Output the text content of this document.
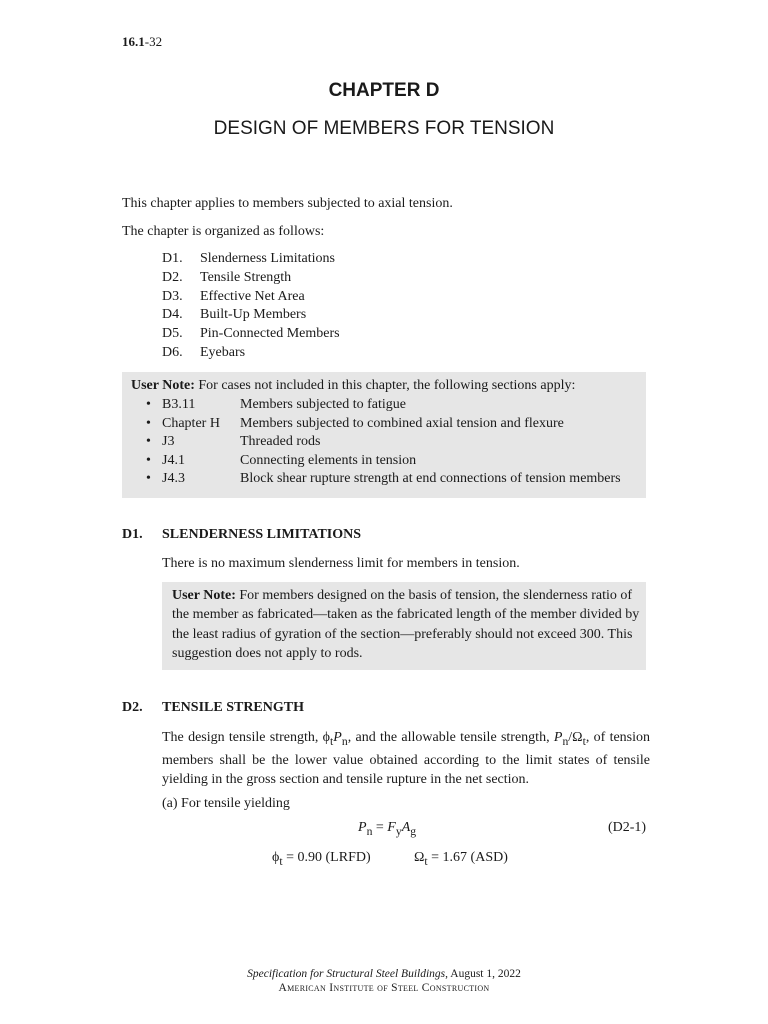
16.1-32
CHAPTER D
DESIGN OF MEMBERS FOR TENSION
This chapter applies to members subjected to axial tension.
The chapter is organized as follows:
D1.	Slenderness Limitations
D2.	Tensile Strength
D3.	Effective Net Area
D4.	Built-Up Members
D5.	Pin-Connected Members
D6.	Eyebars
User Note: For cases not included in this chapter, the following sections apply:
• B3.11	Members subjected to fatigue
• Chapter H	Members subjected to combined axial tension and flexure
• J3	Threaded rods
• J4.1	Connecting elements in tension
• J4.3	Block shear rupture strength at end connections of tension members
D1.	SLENDERNESS LIMITATIONS
There is no maximum slenderness limit for members in tension.
User Note: For members designed on the basis of tension, the slenderness ratio of the member as fabricated—taken as the fabricated length of the member divided by the least radius of gyration of the section—preferably should not exceed 300. This suggestion does not apply to rods.
D2.	TENSILE STRENGTH
The design tensile strength, $\phi_tP_n$, and the allowable tensile strength, $P_n/\Omega_t$, of tension members shall be the lower value obtained according to the limit states of tensile yielding in the gross section and tensile rupture in the net section.
(a) For tensile yielding
$P_n = F_yA_g$	(D2-1)
$\phi_t = 0.90$ (LRFD)	$\Omega_t = 1.67$ (ASD)
Specification for Structural Steel Buildings, August 1, 2022
American Institute of Steel Construction
